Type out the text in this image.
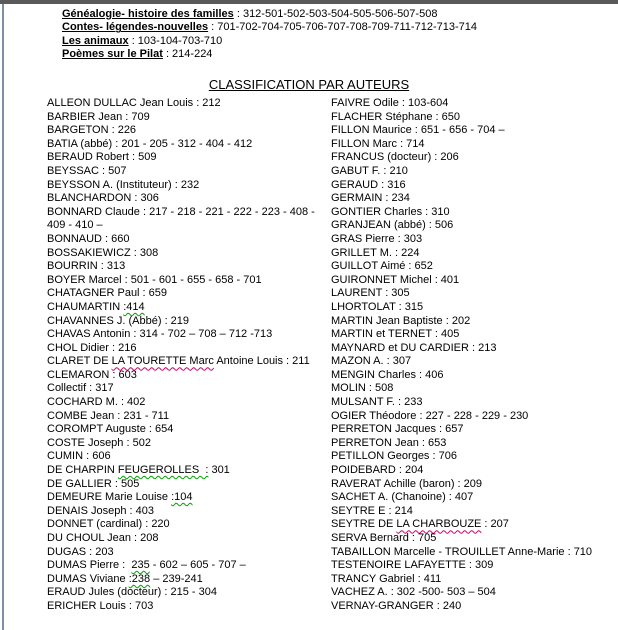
Généalogie- histoire des familles : 312-501-502-503-504-505-506-507-508
Contes- légendes-nouvelles : 701-702-704-705-706-707-708-709-711-712-713-714
Les animaux : 103-104-703-710
Poèmes sur le Pilat : 214-224
CLASSIFICATION PAR AUTEURS
ALLEON DULLAC Jean Louis : 212
BARBIER Jean : 709
BARGETON : 226
BATIA (abbé) : 201 - 205 - 312 - 404 - 412
BERAUD Robert : 509
BEYSSAC : 507
BEYSSON A. (Instituteur) : 232
BLANCHARDON : 306
BONNARD Claude : 217 - 218 - 221 - 222 - 223 - 408 -
409 - 410 –
BONNAUD : 660
BOSSAKIEWICZ : 308
BOURRIN : 313
BOYER Marcel : 501 - 601 - 655 - 658 - 701
CHATAGNER Paul : 659
CHAUMARTIN :414
CHAVANNES J. (Abbé) : 219
CHAVAS Antonin : 314 - 702 – 708 – 712 -713
CHOL Didier : 216
CLARET DE LA TOURETTE Marc Antoine Louis : 211
CLEMARON : 603
Collectif : 317
COCHARD M. : 402
COMBE Jean : 231 - 711
COROMPT Auguste : 654
COSTE Joseph : 502
CUMIN : 606
DE CHARPIN FEUGEROLLES  : 301
DE GALLIER : 505
DEMEURE Marie Louise :104
DENAIS Joseph : 403
DONNET (cardinal) : 220
DU CHOUL Jean : 208
DUGAS : 203
DUMAS Pierre :  235 - 602 – 605 - 707 –
DUMAS Viviane :238 – 239-241
ERAUD Jules (docteur) : 215 - 304
ERICHER Louis : 703
FAIVRE Odile : 103-604
FLACHER Stéphane : 650
FILLON Maurice : 651 - 656 - 704 –
FILLON Marc : 714
FRANCUS (docteur) : 206
GABUT F. : 210
GERAUD : 316
GERMAIN : 234
GONTIER Charles : 310
GRANJEAN (abbé) : 506
GRAS Pierre : 303
GRILLET M. : 224
GUILLOT Aimé : 652
GUIRONNET Michel : 401
LAURENT : 305
LHORTOLAT : 315
MARTIN Jean Baptiste : 202
MARTIN et TERNET : 405
MAYNARD et DU CARDIER : 213
MAZON A. : 307
MENGIN Charles : 406
MOLIN : 508
MULSANT F. : 233
OGIER Théodore : 227 - 228 - 229 - 230
PERRETON Jacques : 657
PERRETON Jean : 653
PETILLON Georges : 706
POIDEBARD : 204
RAVERAT Achille (baron) : 209
SACHET A. (Chanoine) : 407
SEYTRE E : 214
SEYTRE DE LA CHARBOUZE : 207
SERVA Bernard : 705
TABAILLON Marcelle - TROUILLET Anne-Marie : 710
TESTENOIRE LAFAYETTE : 309
TRANCY Gabriel : 411
VACHEZ A. : 302 -500- 503 – 504
VERNAY-GRANGER : 240
